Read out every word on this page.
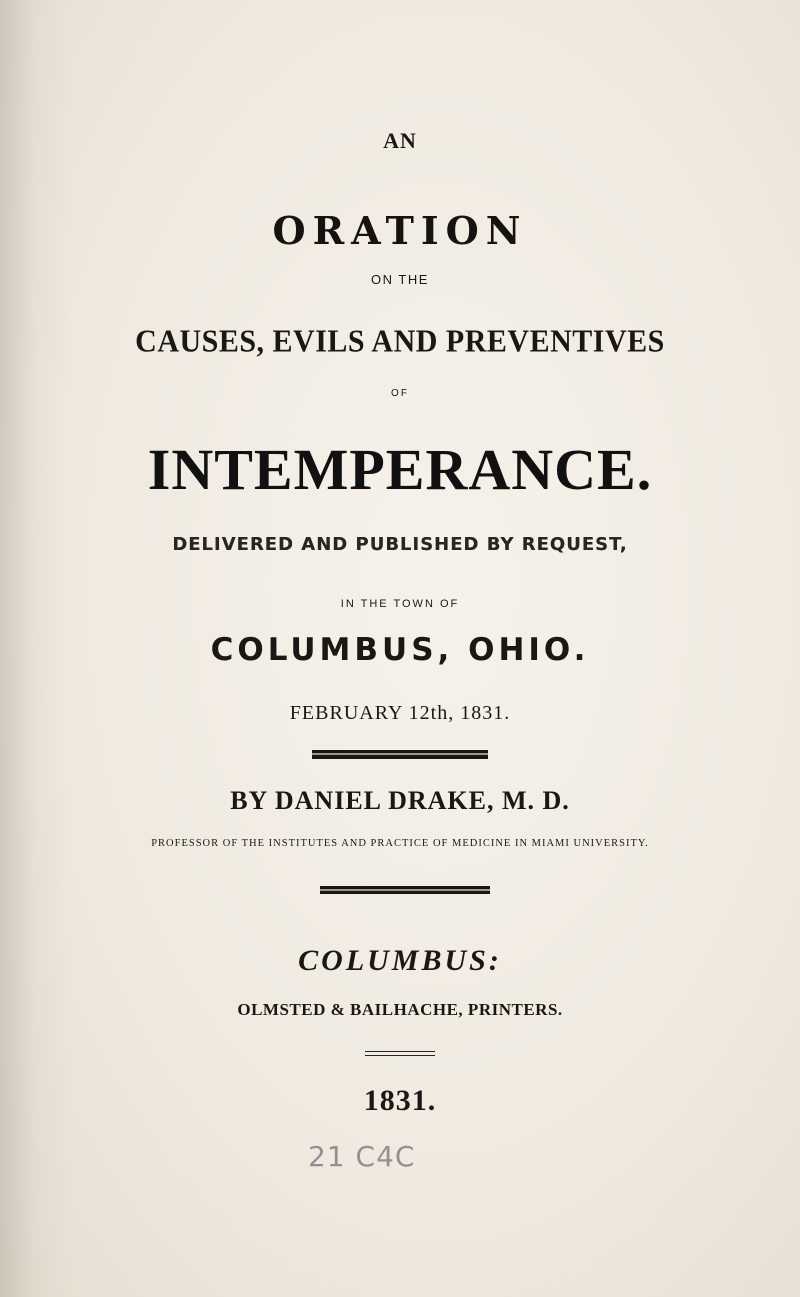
AN
ORATION
ON THE
CAUSES, EVILS AND PREVENTIVES
OF
INTEMPERANCE.
DELIVERED AND PUBLISHED BY REQUEST,
IN THE TOWN OF
COLUMBUS, OHIO.
FEBRUARY 12th, 1831.
BY DANIEL DRAKE, M. D.
PROFESSOR OF THE INSTITUTES AND PRACTICE OF MEDICINE IN MIAMI UNIVERSITY.
COLUMBUS:
OLMSTED & BAILHACHE, PRINTERS.
1831.
21 C4C
